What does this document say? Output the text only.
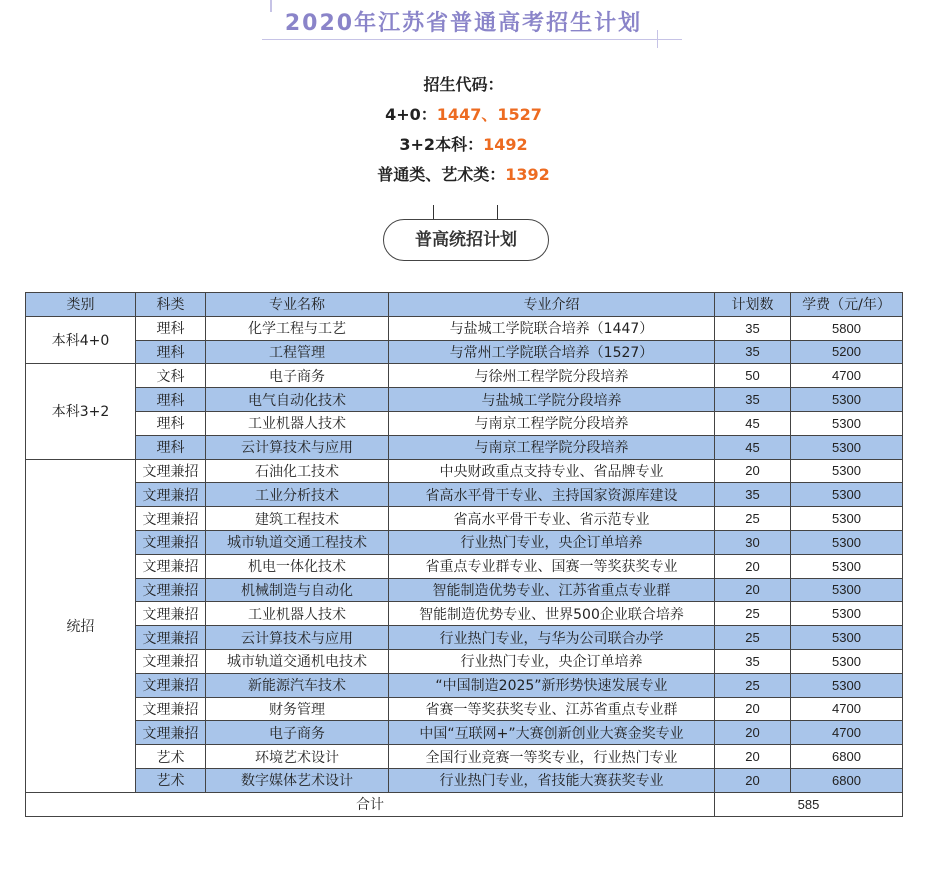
2020年江苏省普通高考招生计划
招生代码：
4+0：1447、1527
3+2本科：1492
普通类、艺术类：1392
普高统招计划
类别	科类	专业名称	专业介绍	计划数	学费（元/年）
本科4+0	理科	化学工程与工艺	与盐城工学院联合培养（1447）	35	5800
	理科	工程管理	与常州工学院联合培养（1527）	35	5200
本科3+2	文科	电子商务	与徐州工程学院分段培养	50	4700
	理科	电气自动化技术	与盐城工学院分段培养	35	5300
	理科	工业机器人技术	与南京工程学院分段培养	45	5300
	理科	云计算技术与应用	与南京工程学院分段培养	45	5300
统招	文理兼招	石油化工技术	中央财政重点支持专业、省品牌专业	20	5300
	文理兼招	工业分析技术	省高水平骨干专业、主持国家资源库建设	35	5300
	文理兼招	建筑工程技术	省高水平骨干专业、省示范专业	25	5300
	文理兼招	城市轨道交通工程技术	行业热门专业，央企订单培养	30	5300
	文理兼招	机电一体化技术	省重点专业群专业、国赛一等奖获奖专业	20	5300
	文理兼招	机械制造与自动化	智能制造优势专业、江苏省重点专业群	20	5300
	文理兼招	工业机器人技术	智能制造优势专业、世界500企业联合培养	25	5300
	文理兼招	云计算技术与应用	行业热门专业，与华为公司联合办学	25	5300
	文理兼招	城市轨道交通机电技术	行业热门专业，央企订单培养	35	5300
	文理兼招	新能源汽车技术	“中国制造2025”新形势快速发展专业	25	5300
	文理兼招	财务管理	省赛一等奖获奖专业、江苏省重点专业群	20	4700
	文理兼招	电子商务	中国“互联网+”大赛创新创业大赛金奖专业	20	4700
	艺术	环境艺术设计	全国行业竞赛一等奖专业，行业热门专业	20	6800
	艺术	数字媒体艺术设计	行业热门专业，省技能大赛获奖专业	20	6800
合计				585	
